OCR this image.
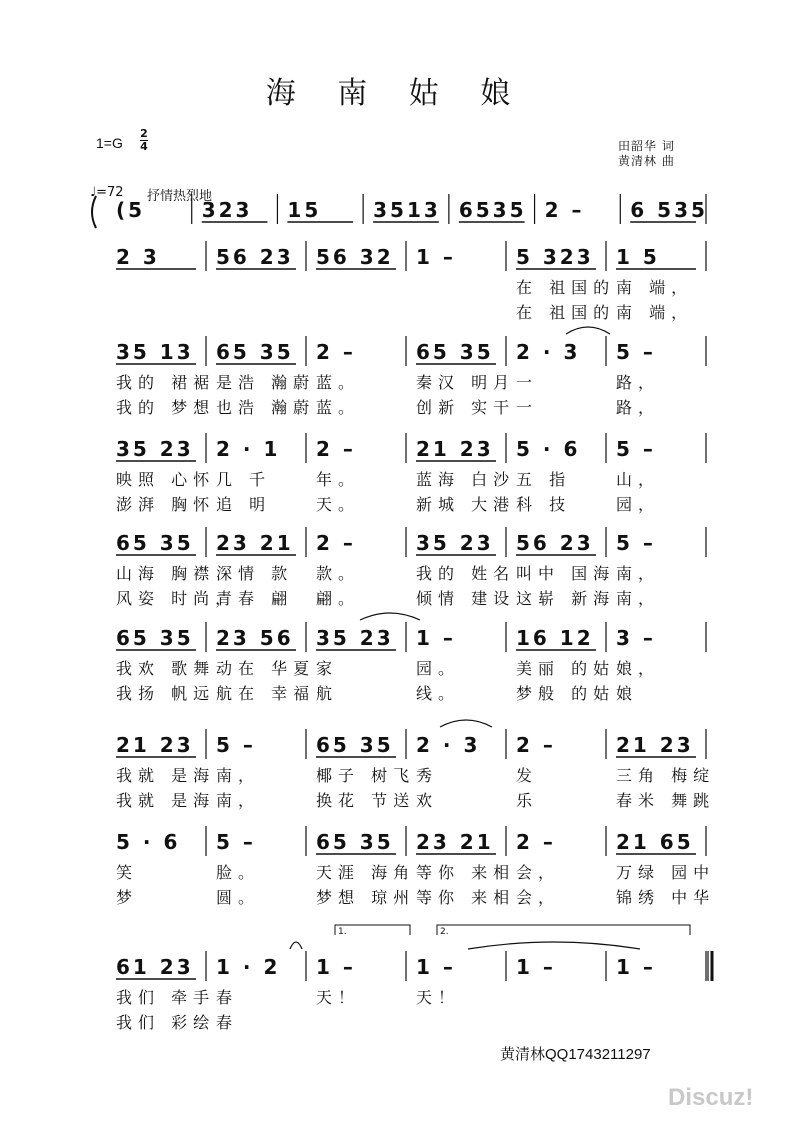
海 南 姑 娘
1=G
2
4	田韶华 词
黄清林 曲
♩=72 抒情热烈地
(5	323 15	3513 6535 2 – 6 535
2 3	56 23 56 32 1 –	5 323 1 5
在 祖国的 南 端，
在 祖国的 南 端，
35 13 65 35 2 –	65 35 2 · 3 5 –
我的 裙裾 是浩 瀚蔚 蓝。	秦汉 明月 一	路，
我的 梦想 也浩 瀚蔚 蓝。	创新 实干 一	路，
35 23 2 · 1 2 –	21 23 5 · 6 5 –
映照 心怀 几 千	年。	蓝海 白沙 五 指	山，
澎湃 胸怀 追 明	天。	新城 大港 科 技	园，
65 35 23 21 2 –	35 23 56 23 5 –
山海 胸襟 深情 款 款。	我的 姓名 叫中 国海 南，
风姿 时尚，
青春 翩 翩。	倾情 建设 这崭 新海 南，
65 35 23 56 35 23 1 –	16 12 3 –
我欢 歌舞 动在 华夏 家	园。	美丽 的姑 娘，
我扬 帆远 航在 幸福 航	线。	梦般 的姑 娘
21 23 5 –	65 35 2 · 3 2 –	21 23
我就 是海 南，	椰子 树飞 秀	发	三角 梅绽
我就 是海 南，	换花 节送 欢	乐	春米 舞跳
5 · 6 5 –	65 35 23 21 2 –	21 65
笑	脸。	天涯 海角 等你 来相 会，	万绿 园中
梦	圆。	梦想 琼州 等你 来相 会，	锦绣 中华
61 23 1 · 2 1 –	1 –	1 –	1 –
我们 牵手 春	天！	天！
我们 彩绘 春
1.	2.
黄清林QQ1743211297
Discuz!
